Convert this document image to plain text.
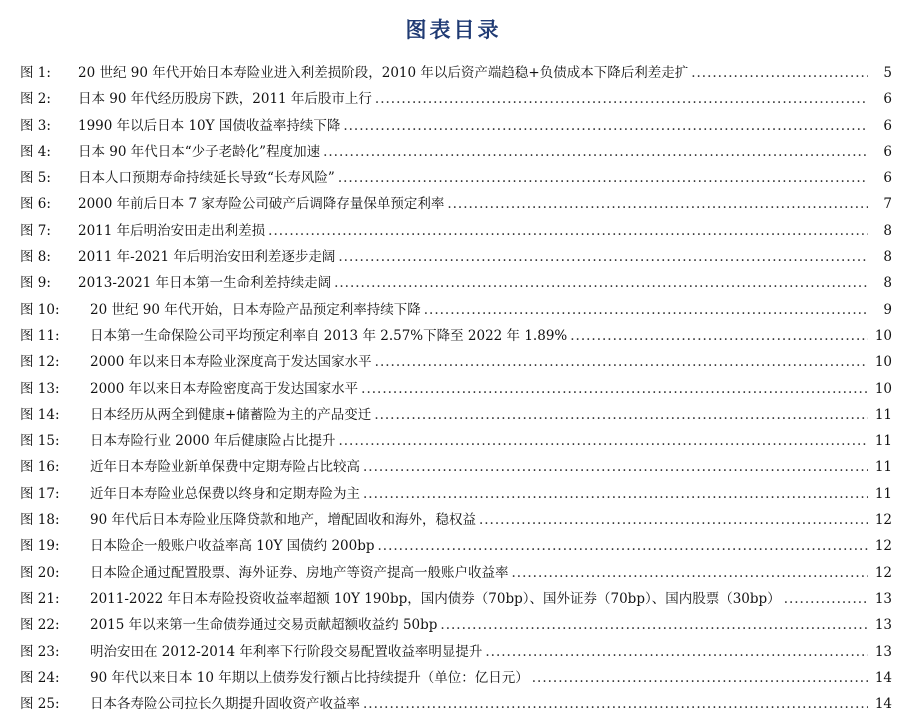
图表目录
图 1: 20 世纪 90 年代开始日本寿险业进入利差损阶段，2010 年以后资产端趋稳+负债成本下降后利差走扩 .....	5
图 2: 日本 90 年代经历股房下跌，2011 年后股市上行 .....	6
图 3: 1990 年以后日本 10Y 国债收益率持续下降 .....	6
图 4: 日本 90 年代日本“少子老龄化”程度加速 .....	6
图 5: 日本人口预期寿命持续延长导致“长寿风险” .....	6
图 6: 2000 年前后日本 7 家寿险公司破产后调降存量保单预定利率 .....	7
图 7: 2011 年后明治安田走出利差损 .....	8
图 8: 2011 年-2021 年后明治安田利差逐步走阔 .....	8
图 9: 2013-2021 年日本第一生命利差持续走阔 .....	8
图 10: 20 世纪 90 年代开始，日本寿险产品预定利率持续下降 .....	9
图 11: 日本第一生命保险公司平均预定利率自 2013 年 2.57%下降至 2022 年 1.89% .....	10
图 12: 2000 年以来日本寿险业深度高于发达国家水平 .....	10
图 13: 2000 年以来日本寿险密度高于发达国家水平 .....	10
图 14: 日本经历从两全到健康+储蓄险为主的产品变迁 .....	11
图 15: 日本寿险行业 2000 年后健康险占比提升 .....	11
图 16: 近年日本寿险业新单保费中定期寿险占比较高 .....	11
图 17: 近年日本寿险业总保费以终身和定期寿险为主 .....	11
图 18: 90 年代后日本寿险业压降贷款和地产，增配固收和海外，稳权益 .....	12
图 19: 日本险企一般账户收益率高 10Y 国债约 200bp .....	12
图 20: 日本险企通过配置股票、海外证券、房地产等资产提高一般账户收益率 .....	12
图 21: 2011-2022 年日本寿险投资收益率超额 10Y 190bp，国内债券（70bp）、国外证券（70bp）、国内股票（30bp） .....	13
图 22: 2015 年以来第一生命债券通过交易贡献超额收益约 50bp .....	13
图 23: 明治安田在 2012-2014 年利率下行阶段交易配置收益率明显提升 .....	13
图 24: 90 年代以来日本 10 年期以上债券发行额占比持续提升（单位：亿日元） .....	14
图 25: 日本各寿险公司拉长久期提升固收资产收益率 .....	14
